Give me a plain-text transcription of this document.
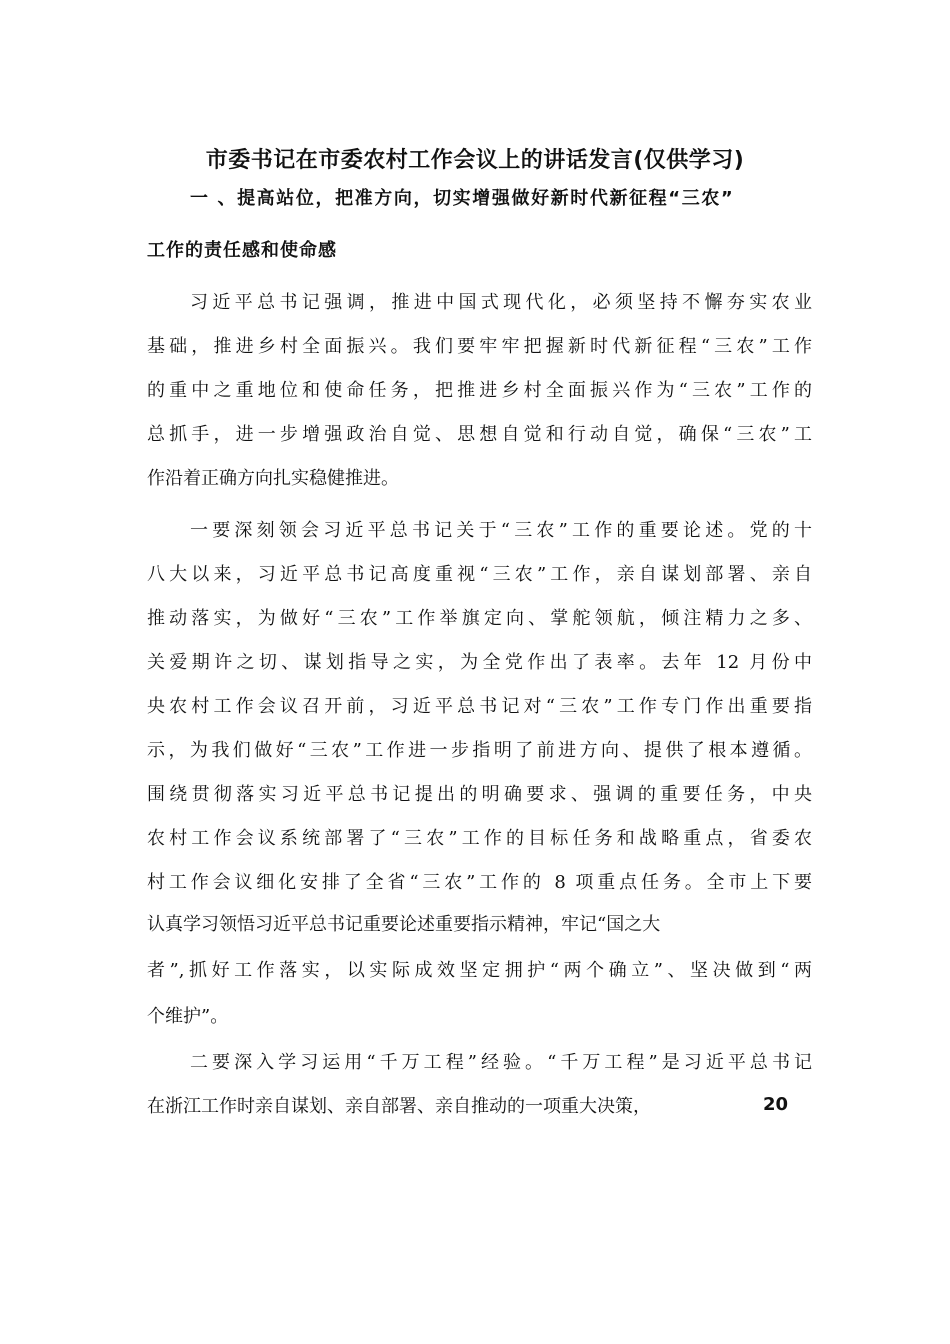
市委书记在市委农村工作会议上的讲话发言(仅供学习)
一 、提高站位，把准方向，切实增强做好新时代新征程“三农”
工作的责任感和使命感
习近平总书记强调，推进中国式现代化，必须坚持不懈夯实农业
基础，推进乡村全面振兴。我们要牢牢把握新时代新征程“三农”工作
的重中之重地位和使命任务，把推进乡村全面振兴作为“三农”工作的
总抓手，进一步增强政治自觉、思想自觉和行动自觉，确保“三农”工
作沿着正确方向扎实稳健推进。
一要深刻领会习近平总书记关于“三农”工作的重要论述。党的十
八大以来，习近平总书记高度重视“三农”工作，亲自谋划部署、亲自
推动落实，为做好“三农”工作举旗定向、掌舵领航，倾注精力之多、
关爱期许之切、谋划指导之实，为全党作出了表率。去年 12 月份中
央农村工作会议召开前，习近平总书记对“三农”工作专门作出重要指
示，为我们做好“三农”工作进一步指明了前进方向、提供了根本遵循。
围绕贯彻落实习近平总书记提出的明确要求、强调的重要任务，中央
农村工作会议系统部署了“三农”工作的目标任务和战略重点，省委农
村工作会议细化安排了全省“三农”工作的 8 项重点任务。全市上下要
认真学习领悟习近平总书记重要论述重要指示精神，牢记“国之大
者”,抓好工作落实，以实际成效坚定拥护“两个确立”、坚决做到“两
个维护”。
二要深入学习运用“千万工程”经验。“千万工程”是习近平总书记
在浙江工作时亲自谋划、亲自部署、亲自推动的一项重大决策，	20
